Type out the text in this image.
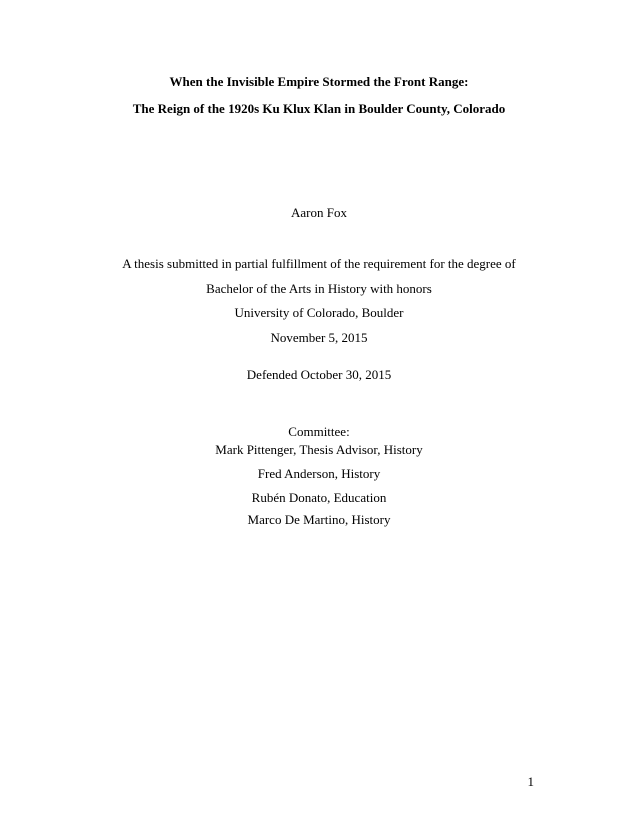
When the Invisible Empire Stormed the Front Range:
The Reign of the 1920s Ku Klux Klan in Boulder County, Colorado
Aaron Fox
A thesis submitted in partial fulfillment of the requirement for the degree of
Bachelor of the Arts in History with honors
University of Colorado, Boulder
November 5, 2015
Defended October 30, 2015
Committee:
Mark Pittenger, Thesis Advisor, History
Fred Anderson, History
Rubén Donato, Education
Marco De Martino, History
1
